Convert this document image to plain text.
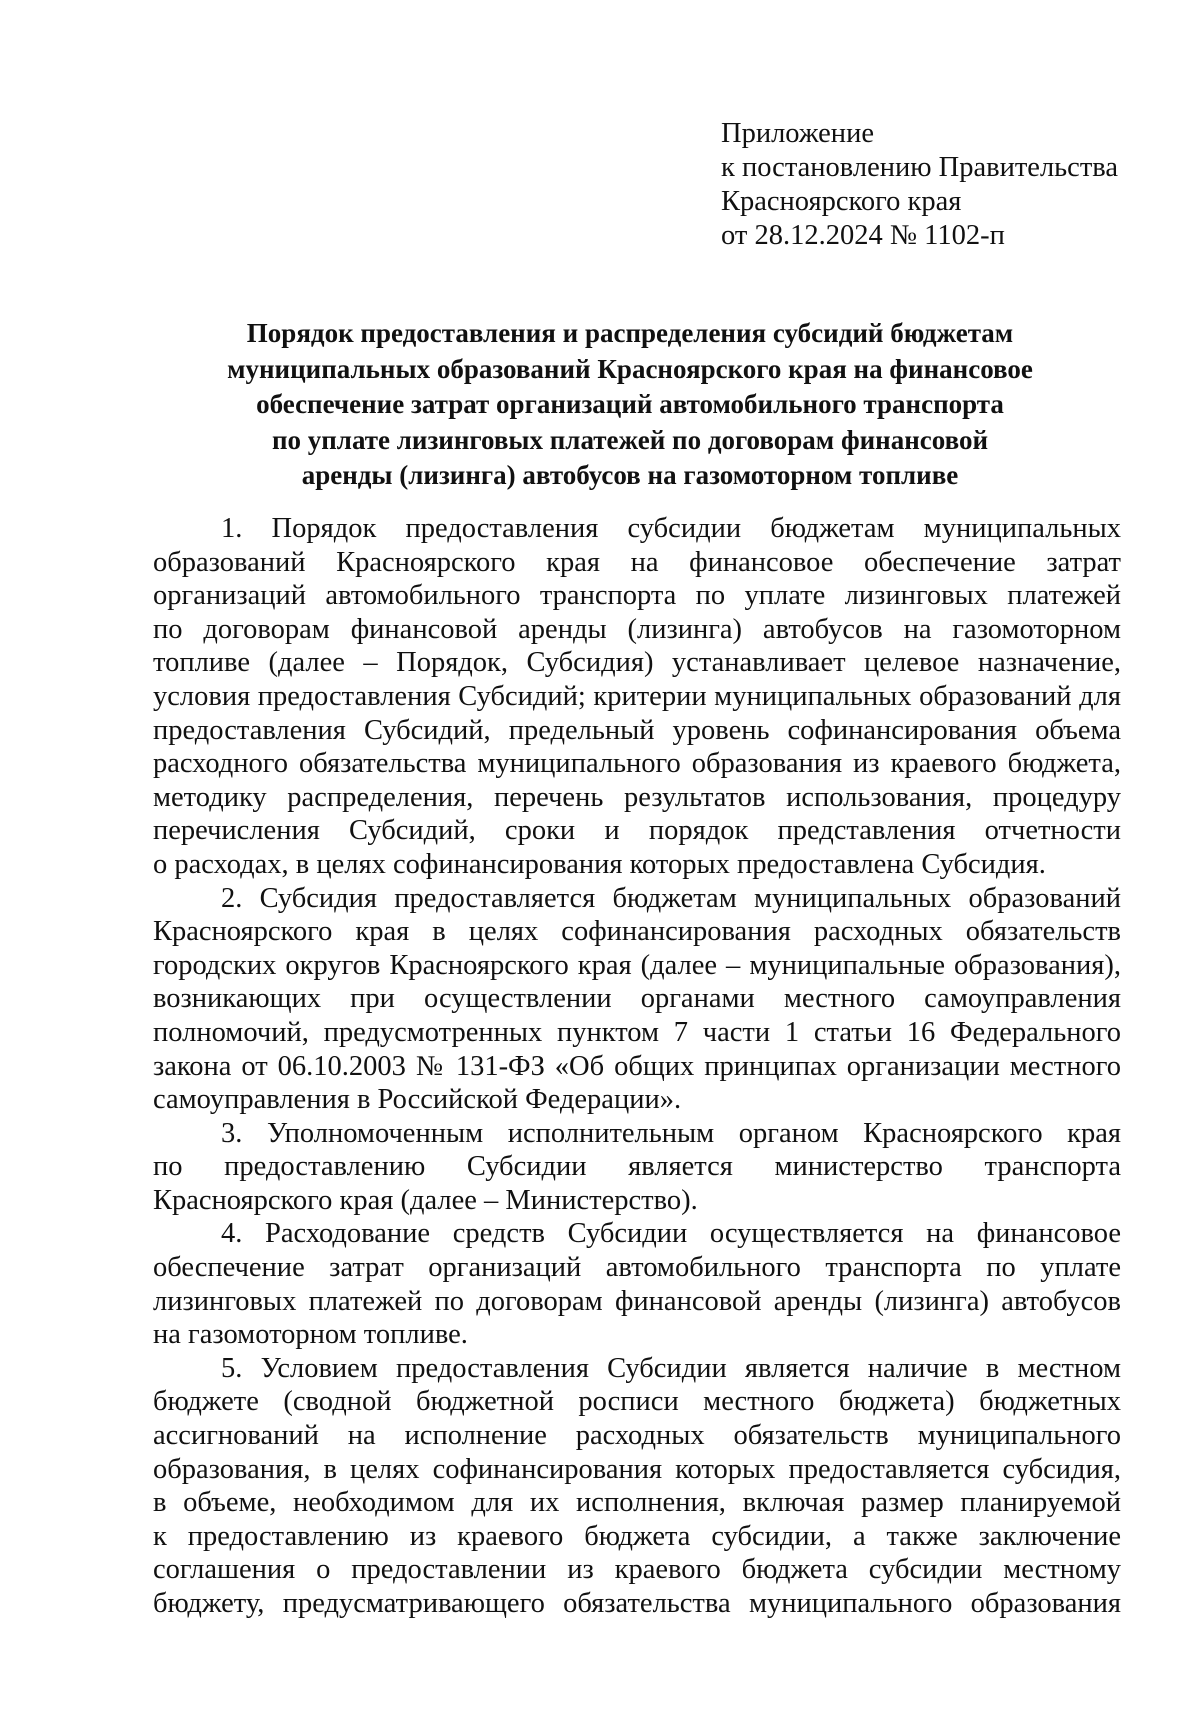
Приложение
к постановлению Правительства
Красноярского края
от 28.12.2024 № 1102-п
Порядок предоставления и распределения субсидий бюджетам
муниципальных образований Красноярского края на финансовое
обеспечение затрат организаций автомобильного транспорта
по уплате лизинговых платежей по договорам финансовой
аренды (лизинга) автобусов на газомоторном топливе
1. Порядок предоставления субсидии бюджетам муниципальных
образований Красноярского края на финансовое обеспечение затрат
организаций автомобильного транспорта по уплате лизинговых платежей
по договорам финансовой аренды (лизинга) автобусов на газомоторном
топливе (далее – Порядок, Субсидия) устанавливает целевое назначение,
условия предоставления Субсидий; критерии муниципальных образований для
предоставления Субсидий, предельный уровень софинансирования объема
расходного обязательства муниципального образования из краевого бюджета,
методику распределения, перечень результатов использования, процедуру
перечисления Субсидий, сроки и порядок представления отчетности
о расходах, в целях софинансирования которых предоставлена Субсидия.
2. Субсидия предоставляется бюджетам муниципальных образований
Красноярского края в целях софинансирования расходных обязательств
городских округов Красноярского края (далее – муниципальные образования),
возникающих при осуществлении органами местного самоуправления
полномочий, предусмотренных пунктом 7 части 1 статьи 16 Федерального
закона от 06.10.2003 № 131-ФЗ «Об общих принципах организации местного
самоуправления в Российской Федерации».
3. Уполномоченным исполнительным органом Красноярского края
по предоставлению Субсидии является министерство транспорта
Красноярского края (далее – Министерство).
4. Расходование средств Субсидии осуществляется на финансовое
обеспечение затрат организаций автомобильного транспорта по уплате
лизинговых платежей по договорам финансовой аренды (лизинга) автобусов
на газомоторном топливе.
5. Условием предоставления Субсидии является наличие в местном
бюджете (сводной бюджетной росписи местного бюджета) бюджетных
ассигнований на исполнение расходных обязательств муниципального
образования, в целях софинансирования которых предоставляется субсидия,
в объеме, необходимом для их исполнения, включая размер планируемой
к предоставлению из краевого бюджета субсидии, а также заключение
соглашения о предоставлении из краевого бюджета субсидии местному
бюджету, предусматривающего обязательства муниципального образования
